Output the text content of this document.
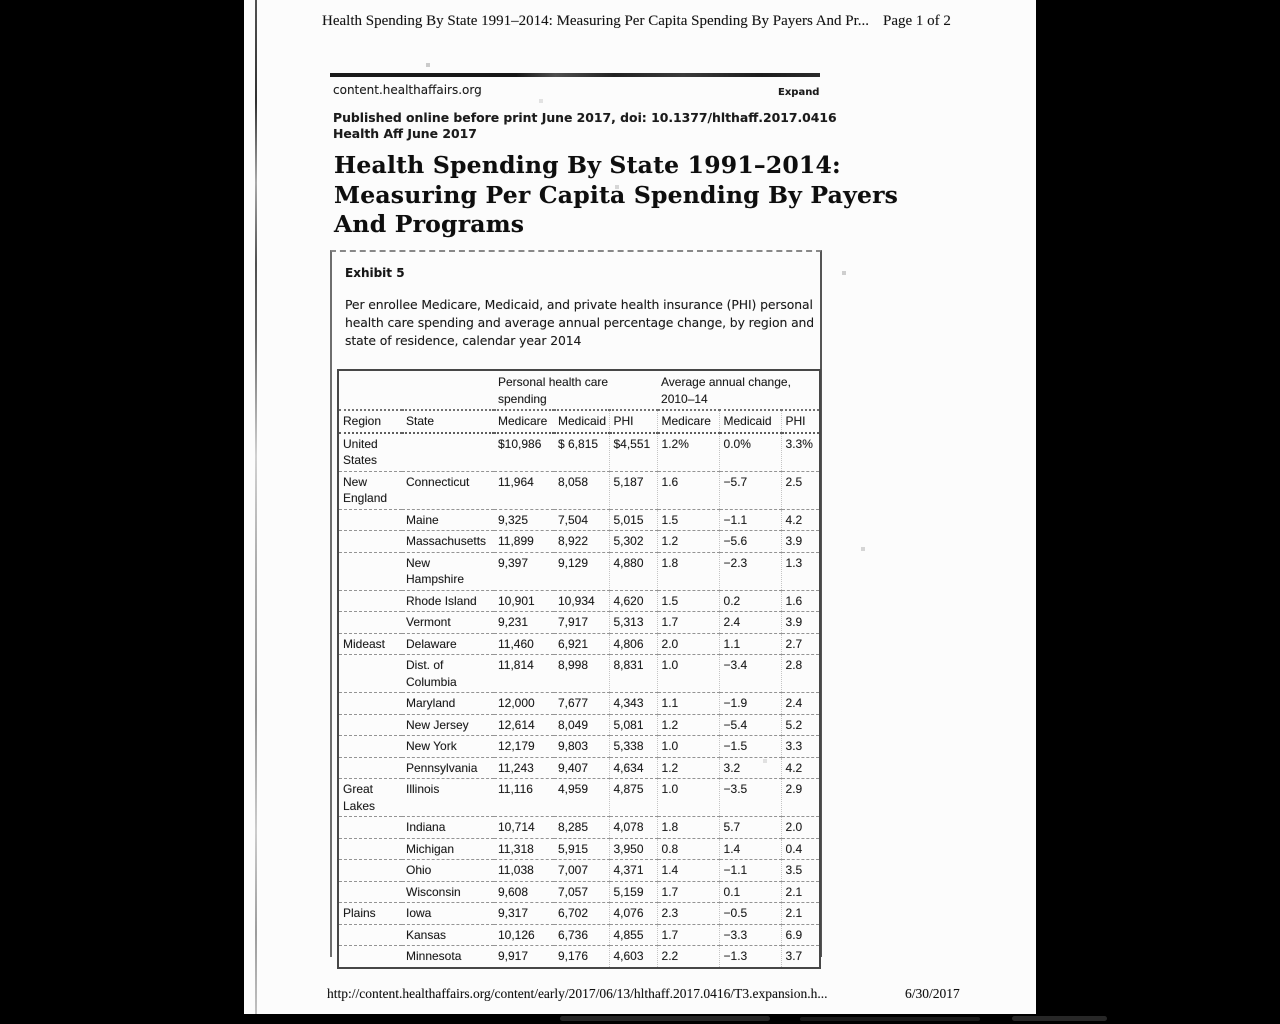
Health Spending By State 1991–2014: Measuring Per Capita Spending By Payers And Pr... Page 1 of 2
content.healthaffairs.org	Expand
Published online before print June 2017, doi: 10.1377/hlthaff.2017.0416
Health Aff June 2017
Health Spending By State 1991–2014:
Measuring Per Capita Spending By Payers
And Programs
Exhibit 5
Per enrollee Medicare, Medicaid, and private health insurance (PHI) personal health care spending and average annual percentage change, by region and state of residence, calendar year 2014
		Personal health care spending			Average annual change, 2010–14		
Region	State	Medicare	Medicaid	PHI	Medicare	Medicaid	PHI
United States		$10,986	$ 6,815	$4,551	1.2%	0.0%	3.3%
New England	Connecticut	11,964	8,058	5,187	1.6	−5.7	2.5
	Maine	9,325	7,504	5,015	1.5	−1.1	4.2
	Massachusetts	11,899	8,922	5,302	1.2	−5.6	3.9
	New Hampshire	9,397	9,129	4,880	1.8	−2.3	1.3
	Rhode Island	10,901	10,934	4,620	1.5	0.2	1.6
	Vermont	9,231	7,917	5,313	1.7	2.4	3.9
Mideast	Delaware	11,460	6,921	4,806	2.0	1.1	2.7
	Dist. of Columbia	11,814	8,998	8,831	1.0	−3.4	2.8
	Maryland	12,000	7,677	4,343	1.1	−1.9	2.4
	New Jersey	12,614	8,049	5,081	1.2	−5.4	5.2
	New York	12,179	9,803	5,338	1.0	−1.5	3.3
	Pennsylvania	11,243	9,407	4,634	1.2	3.2	4.2
Great Lakes	Illinois	11,116	4,959	4,875	1.0	−3.5	2.9
	Indiana	10,714	8,285	4,078	1.8	5.7	2.0
	Michigan	11,318	5,915	3,950	0.8	1.4	0.4
	Ohio	11,038	7,007	4,371	1.4	−1.1	3.5
	Wisconsin	9,608	7,057	5,159	1.7	0.1	2.1
Plains	Iowa	9,317	6,702	4,076	2.3	−0.5	2.1
	Kansas	10,126	6,736	4,855	1.7	−3.3	6.9
	Minnesota	9,917	9,176	4,603	2.2	−1.3	3.7
http://content.healthaffairs.org/content/early/2017/06/13/hlthaff.2017.0416/T3.expansion.h...	6/30/2017
